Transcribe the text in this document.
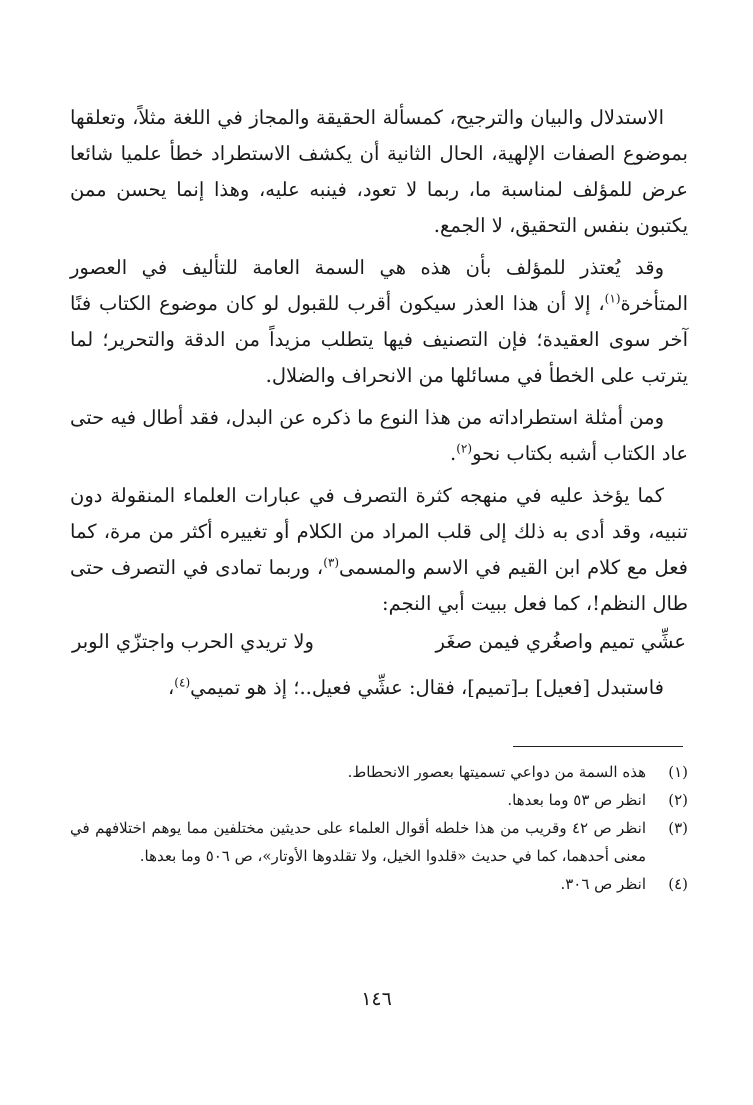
الاستدلال والبيان والترجيح، كمسألة الحقيقة والمجاز في اللغة مثلاً، وتعلقها بموضوع الصفات الإلهية، الحال الثانية أن يكشف الاستطراد خطأ علميا شائعا عرض للمؤلف لمناسبة ما، ربما لا تعود، فينبه عليه، وهذا إنما يحسن ممن يكتبون بنفس التحقيق، لا الجمع.

وقد يُعتذر للمؤلف بأن هذه هي السمة العامة للتأليف في العصور المتأخرة$^{(١)}$، إلا أن هذا العذر سيكون أقرب للقبول لو كان موضوع الكتاب فنًا آخر سوى العقيدة؛ فإن التصنيف فيها يتطلب مزيداً من الدقة والتحرير؛ لما يترتب على الخطأ في مسائلها من الانحراف والضلال.

ومن أمثلة استطراداته من هذا النوع ما ذكره عن البدل، فقد أطال فيه حتى عاد الكتاب أشبه بكتاب نحو$^{(٢)}$.

كما يؤخذ عليه في منهجه كثرة التصرف في عبارات العلماء المنقولة دون تنبيه، وقد أدى به ذلك إلى قلب المراد من الكلام أو تغييره أكثر من مرة، كما فعل مع كلام ابن القيم في الاسم والمسمى$^{(٣)}$، وربما تمادى في التصرف حتى طال النظم!، كما فعل ببيت أبي النجم:

عشِّي تميم واصغُري فيمن صغَر
ولا تريدي الحرب واجتزّي الوبر

فاستبدل [فعيل] بـ[تميم]، فقال: عشِّي فعيل..؛ إذ هو تميمي$^{(٤)}$،

(١)
هذه السمة من دواعي تسميتها بعصور الانحطاط.
(٢)
انظر ص ٥٣ وما بعدها.
(٣)
انظر ص ٤٢ وقريب من هذا خلطه أقوال العلماء على حديثين مختلفين مما يوهم اختلافهم في معنى أحدهما، كما في حديث «قلدوا الخيل، ولا تقلدوها الأوتار»، ص ٥٠٦ وما بعدها.
(٤)
انظر ص ٣٠٦.
١٤٦
